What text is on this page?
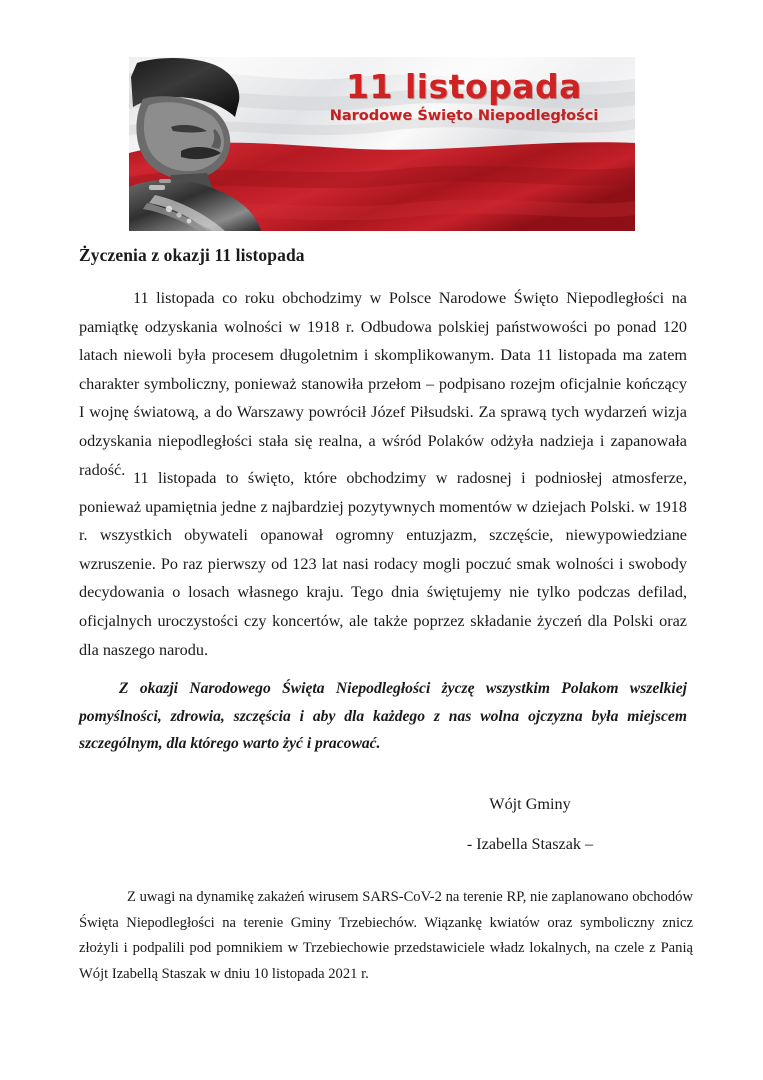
11 listopada
Narodowe Święto Niepodległości
Życzenia z okazji 11 listopada

11 listopada co roku obchodzimy w Polsce Narodowe Święto Niepodległości na pamiątkę odzyskania wolności w 1918 r. Odbudowa polskiej państwowości po ponad 120 latach niewoli była procesem długoletnim i skomplikowanym. Data 11 listopada ma zatem charakter symboliczny, ponieważ stanowiła przełom – podpisano rozejm oficjalnie kończący I wojnę światową, a do Warszawy powrócił Józef Piłsudski. Za sprawą tych wydarzeń wizja odzyskania niepodległości stała się realna, a wśród Polaków odżyła nadzieja i zapanowała radość. 11 listopada to święto, które obchodzimy w radosnej i podniosłej atmosferze, ponieważ upamiętnia jedne z najbardziej pozytywnych momentów w dziejach Polski. w 1918 r. wszystkich obywateli opanował ogromny entuzjazm, szczęście, niewypowiedziane wzruszenie. Po raz pierwszy od 123 lat nasi rodacy mogli poczuć smak wolności i swobody decydowania o losach własnego kraju. Tego dnia świętujemy nie tylko podczas defilad, oficjalnych uroczystości czy koncertów, ale także poprzez składanie życzeń dla Polski oraz dla naszego narodu.

Z okazji Narodowego Święta Niepodległości życzę wszystkim Polakom wszelkiej pomyślności, zdrowia, szczęścia i aby dla każdego z nas wolna ojczyzna była miejscem szczególnym, dla którego warto żyć i pracować.

Wójt Gminy
- Izabella Staszak –

Z uwagi na dynamikę zakażeń wirusem SARS-CoV-2 na terenie RP, nie zaplanowano obchodów Święta Niepodległości na terenie Gminy Trzebiechów. Wiązankę kwiatów oraz symboliczny znicz złożyli i podpalili pod pomnikiem w Trzebiechowie przedstawiciele władz lokalnych, na czele z Panią Wójt Izabellą Staszak w dniu 10 listopada 2021 r.
